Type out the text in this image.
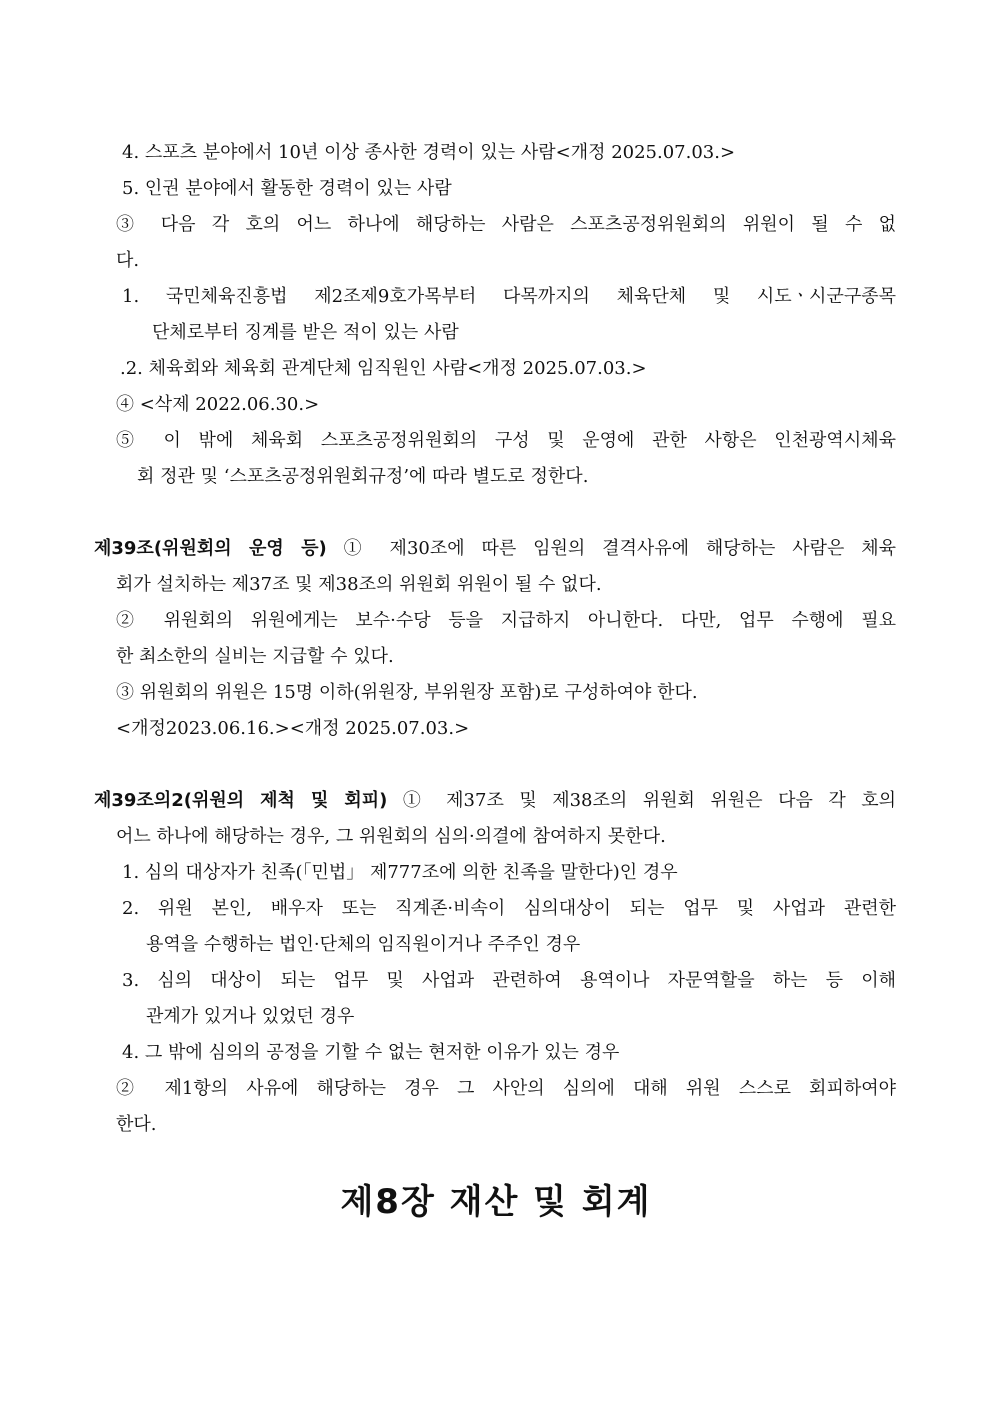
4. 스포츠 분야에서 10년 이상 종사한 경력이 있는 사람<개정 2025.07.03.>
5. 인권 분야에서 활동한 경력이 있는 사람
③ 다음 각 호의 어느 하나에 해당하는 사람은 스포츠공정위원회의 위원이 될 수 없
다.
1. 국민체육진흥법 제2조제9호가목부터 다목까지의 체육단체 및 시도ㆍ시군구종목
단체로부터 징계를 받은 적이 있는 사람
.2. 체육회와 체육회 관계단체 임직원인 사람<개정 2025.07.03.>
④ <삭제 2022.06.30.>
⑤ 이 밖에 체육회 스포츠공정위원회의 구성 및 운영에 관한 사항은 인천광역시체육
회 정관 및 ‘스포츠공정위원회규정’에 따라 별도로 정한다.
제39조(위원회의 운영 등) ① 제30조에 따른 임원의 결격사유에 해당하는 사람은 체육
회가 설치하는 제37조 및 제38조의 위원회 위원이 될 수 없다.
② 위원회의 위원에게는 보수·수당 등을 지급하지 아니한다. 다만, 업무 수행에 필요
한 최소한의 실비는 지급할 수 있다.
③ 위원회의 위원은 15명 이하(위원장, 부위원장 포함)로 구성하여야 한다.
<개정2023.06.16.><개정 2025.07.03.>
제39조의2(위원의 제척 및 회피) ① 제37조 및 제38조의 위원회 위원은 다음 각 호의
어느 하나에 해당하는 경우, 그 위원회의 심의·의결에 참여하지 못한다.
1. 심의 대상자가 친족(「민법」 제777조에 의한 친족을 말한다)인 경우
2. 위원 본인, 배우자 또는 직계존·비속이 심의대상이 되는 업무 및 사업과 관련한
용역을 수행하는 법인·단체의 임직원이거나 주주인 경우
3. 심의 대상이 되는 업무 및 사업과 관련하여 용역이나 자문역할을 하는 등 이해
관계가 있거나 있었던 경우
4. 그 밖에 심의의 공정을 기할 수 없는 현저한 이유가 있는 경우
② 제1항의 사유에 해당하는 경우 그 사안의 심의에 대해 위원 스스로 회피하여야
한다.
제8장 재산 및 회계
